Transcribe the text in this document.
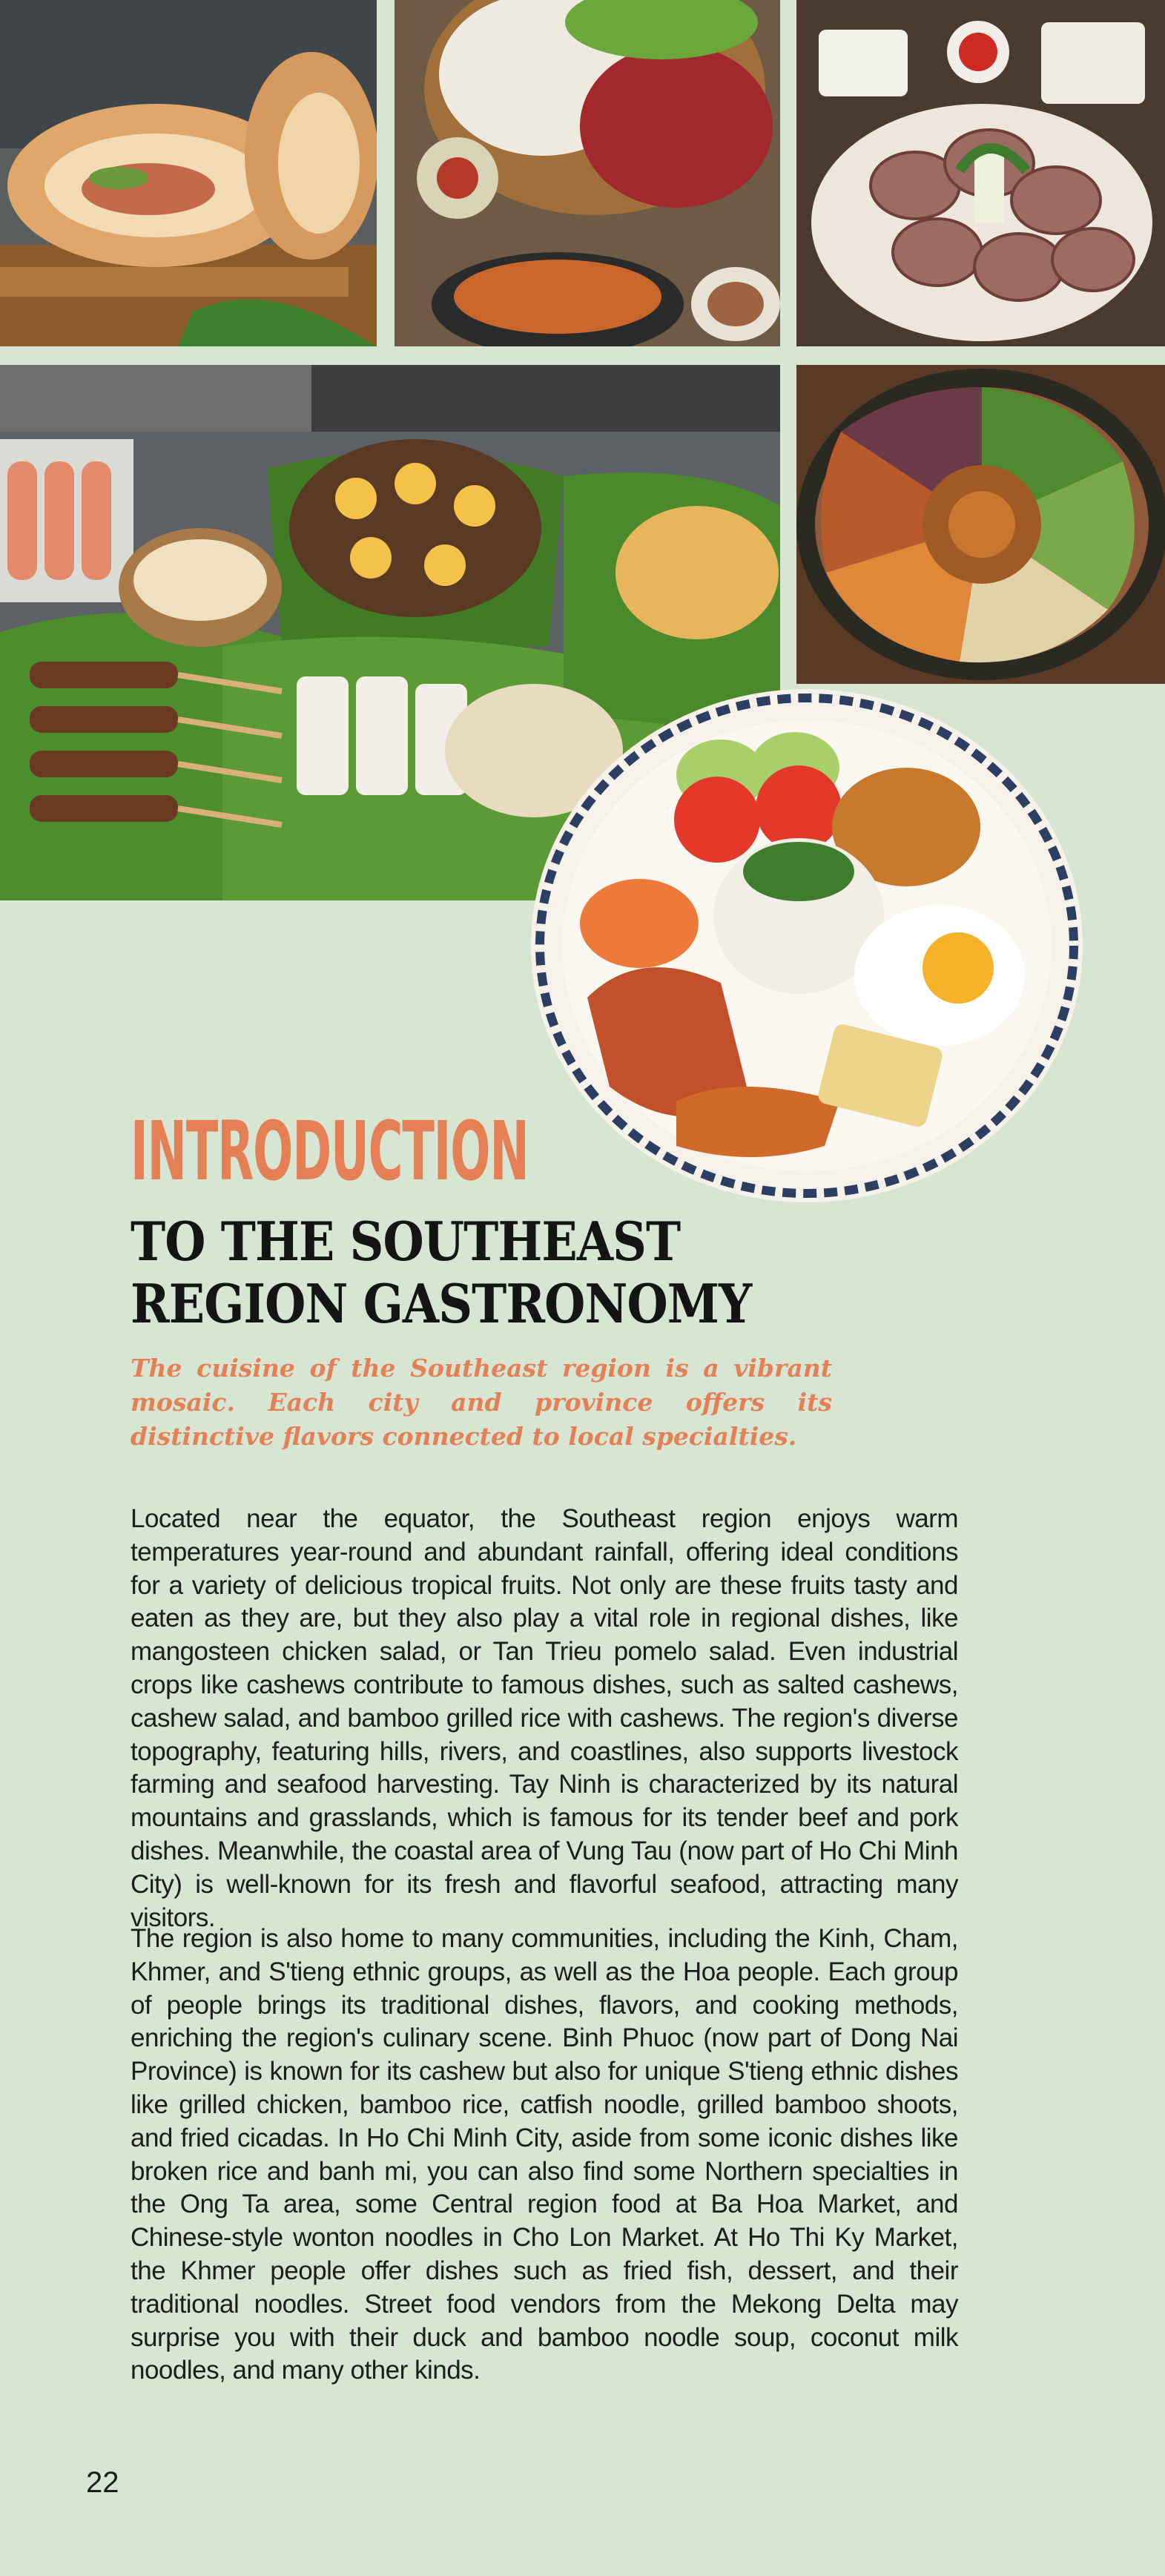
INTRODUCTION
TO THE SOUTHEAST
REGION GASTRONOMY
The cuisine of the Southeast region is a vibrant mosaic. Each city and province offers its distinctive flavors connected to local specialties.
Located near the equator, the Southeast region enjoys warm temperatures year-round and abundant rainfall, offering ideal conditions for a variety of delicious tropical fruits. Not only are these fruits tasty and eaten as they are, but they also play a vital role in regional dishes, like mangosteen chicken salad, or Tan Trieu pomelo salad. Even industrial crops like cashews contribute to famous dishes, such as salted cashews, cashew salad, and bamboo grilled rice with cashews. The region's diverse topography, featuring hills, rivers, and coastlines, also supports livestock farming and seafood harvesting. Tay Ninh is characterized by its natural mountains and grasslands, which is famous for its tender beef and pork dishes. Meanwhile, the coastal area of Vung Tau (now part of Ho Chi Minh City) is well-known for its fresh and flavorful seafood, attracting many visitors.
The region is also home to many communities, including the Kinh, Cham, Khmer, and S'tieng ethnic groups, as well as the Hoa people. Each group of people brings its traditional dishes, flavors, and cooking methods, enriching the region's culinary scene. Binh Phuoc (now part of Dong Nai Province) is known for its cashew but also for unique S'tieng ethnic dishes like grilled chicken, bamboo rice, catfish noodle, grilled bamboo shoots, and fried cicadas. In Ho Chi Minh City, aside from some iconic dishes like broken rice and banh mi, you can also find some Northern specialties in the Ong Ta area, some Central region food at Ba Hoa Market, and Chinese-style wonton noodles in Cho Lon Market. At Ho Thi Ky Market, the Khmer people offer dishes such as fried fish, dessert, and their traditional noodles. Street food vendors from the Mekong Delta may surprise you with their duck and bamboo noodle soup, coconut milk noodles, and many other kinds.
22
